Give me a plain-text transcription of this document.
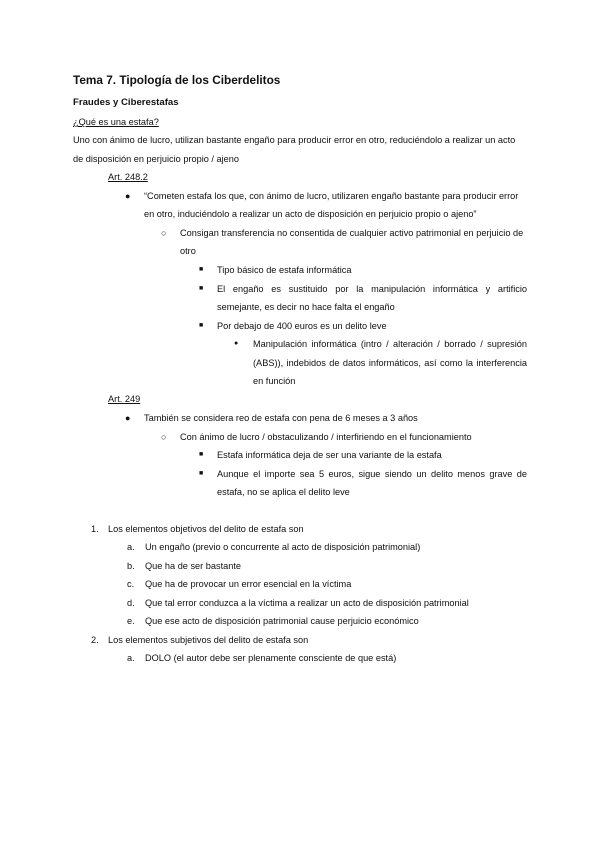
Tema 7. Tipología de los Ciberdelitos
Fraudes y Ciberestafas
¿Qué es una estafa?
Uno con ánimo de lucro, utilizan bastante engaño para producir error en otro, reduciéndolo a realizar un acto
de disposición en perjuicio propio / ajeno
Art. 248.2
● “Cometen estafa los que, con ánimo de lucro, utilizaren engaño bastante para producir error
en otro, induciéndolo a realizar un acto de disposición en perjuicio propio o ajeno”
○ Consigan transferencia no consentida de cualquier activo patrimonial en perjuicio de
otro
■ Tipo básico de estafa informática
■ El engaño es sustituido por la manipulación informática y artificio
semejante, es decir no hace falta el engaño
■ Por debajo de 400 euros es un delito leve
● Manipulación informática (intro / alteración / borrado / supresión
(ABS)), indebidos de datos informáticos, así como la interferencia
en función
Art. 249
● También se considera reo de estafa con pena de 6 meses a 3 años
○ Con ánimo de lucro / obstaculizando / interfiriendo en el funcionamiento
■ Estafa informática deja de ser una variante de la estafa
■ Aunque el importe sea 5 euros, sigue siendo un delito menos grave de
estafa, no se aplica el delito leve
1. Los elementos objetivos del delito de estafa son
a. Un engaño (previo o concurrente al acto de disposición patrimonial)
b. Que ha de ser bastante
c. Que ha de provocar un error esencial en la víctima
d. Que tal error conduzca a la víctima a realizar un acto de disposición patrimonial
e. Que ese acto de disposición patrimonial cause perjuicio económico
2. Los elementos subjetivos del delito de estafa son
a. DOLO (el autor debe ser plenamente consciente de que está)
